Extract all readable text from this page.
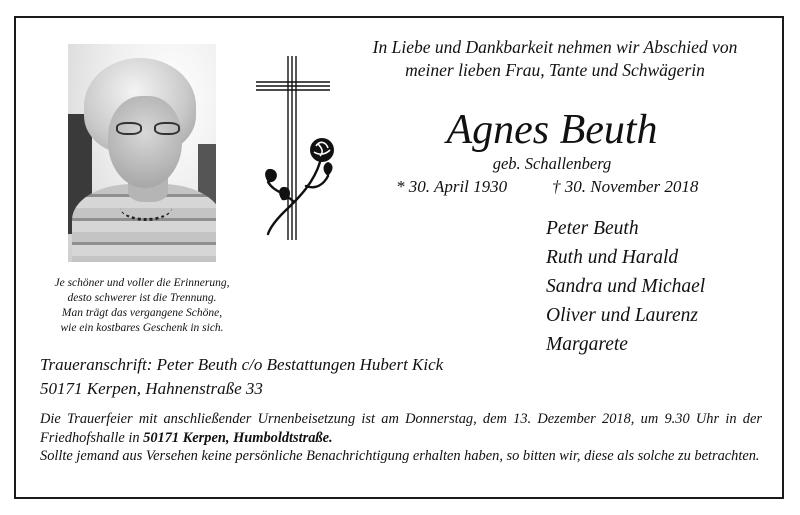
Je schöner und voller die Erinnerung,
desto schwerer ist die Trennung.
Man trägt das vergangene Schöne,
wie ein kostbares Geschenk in sich.
In Liebe und Dankbarkeit nehmen wir Abschied von
meiner lieben Frau, Tante und Schwägerin
Agnes Beuth
geb. Schallenberg
* 30. April 1930	† 30. November 2018
Peter Beuth
Ruth und Harald
Sandra und Michael
Oliver und Laurenz
Margarete
Traueranschrift: Peter Beuth c/o Bestattungen Hubert Kick
50171 Kerpen, Hahnenstraße 33

Die Trauerfeier mit anschließender Urnenbeisetzung ist am Donnerstag, dem 13. Dezember 2018, um 9.30 Uhr in der Friedhofshalle in 50171 Kerpen, Humboldtstraße.

Sollte jemand aus Versehen keine persönliche Benachrichtigung erhalten haben, so bitten wir, diese als solche zu betrachten.
